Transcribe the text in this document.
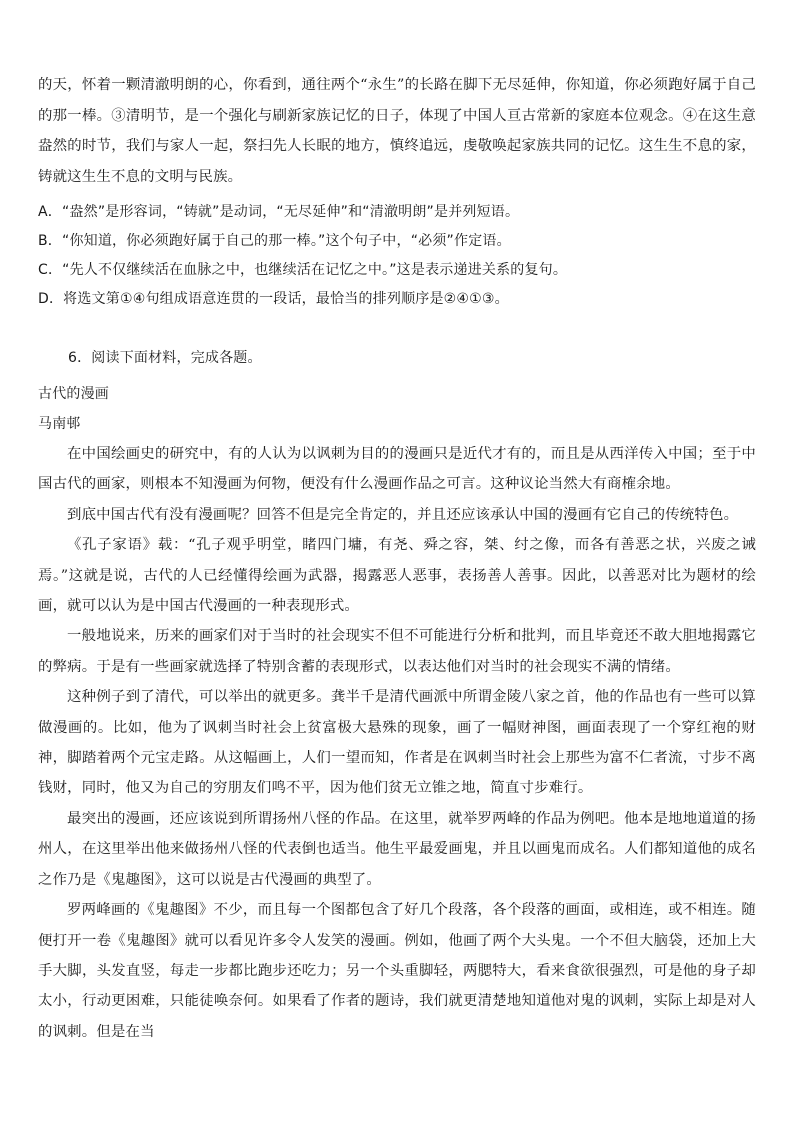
的天，怀着一颗清澈明朗的心，你看到，通往两个“永生”的长路在脚下无尽延伸，你知道，你必须跑好属于自己的那一棒。③清明节，是一个强化与刷新家族记忆的日子，体现了中国人亘古常新的家庭本位观念。④在这生意盎然的时节，我们与家人一起，祭扫先人长眠的地方，慎终追远，虔敬唤起家族共同的记忆。这生生不息的家，铸就这生生不息的文明与民族。

A．“盎然”是形容词，“铸就”是动词，“无尽延伸”和“清澈明朗”是并列短语。

B．“你知道，你必须跑好属于自己的那一棒。”这个句子中，“必须”作定语。

C．“先人不仅继续活在血脉之中，也继续活在记忆之中。”这是表示递进关系的复句。

D．将选文第①④句组成语意连贯的一段话，最恰当的排列顺序是②④①③。

6．阅读下面材料，完成各题。

古代的漫画

马南邨

在中国绘画史的研究中，有的人认为以讽刺为目的的漫画只是近代才有的，而且是从西洋传入中国；至于中国古代的画家，则根本不知漫画为何物，便没有什么漫画作品之可言。这种议论当然大有商榷余地。

到底中国古代有没有漫画呢？回答不但是完全肯定的，并且还应该承认中国的漫画有它自己的传统特色。

《孔子家语》载：“孔子观乎明堂，睹四门墉，有尧、舜之容，桀、纣之像，而各有善恶之状，兴废之诫焉。”这就是说，古代的人已经懂得绘画为武器，揭露恶人恶事，表扬善人善事。因此，以善恶对比为题材的绘画，就可以认为是中国古代漫画的一种表现形式。

一般地说来，历来的画家们对于当时的社会现实不但不可能进行分析和批判，而且毕竟还不敢大胆地揭露它的弊病。于是有一些画家就选择了特别含蓄的表现形式，以表达他们对当时的社会现实不满的情绪。

这种例子到了清代，可以举出的就更多。龚半千是清代画派中所谓金陵八家之首，他的作品也有一些可以算做漫画的。比如，他为了讽刺当时社会上贫富极大悬殊的现象，画了一幅财神图，画面表现了一个穿红袍的财神，脚踏着两个元宝走路。从这幅画上，人们一望而知，作者是在讽刺当时社会上那些为富不仁者流，寸步不离钱财，同时，他又为自己的穷朋友们鸣不平，因为他们贫无立锥之地，简直寸步难行。

最突出的漫画，还应该说到所谓扬州八怪的作品。在这里，就举罗两峰的作品为例吧。他本是地地道道的扬州人，在这里举出他来做扬州八怪的代表倒也适当。他生平最爱画鬼，并且以画鬼而成名。人们都知道他的成名之作乃是《鬼趣图》，这可以说是古代漫画的典型了。

罗两峰画的《鬼趣图》不少，而且每一个图都包含了好几个段落，各个段落的画面，或相连，或不相连。随便打开一卷《鬼趣图》就可以看见许多令人发笑的漫画。例如，他画了两个大头鬼。一个不但大脑袋，还加上大手大脚，头发直竖，每走一步都比跑步还吃力；另一个头重脚轻，两腮特大，看来食欲很强烈，可是他的身子却太小，行动更困难，只能徒唤奈何。如果看了作者的题诗，我们就更清楚地知道他对鬼的讽刺，实际上却是对人的讽刺。但是在当
